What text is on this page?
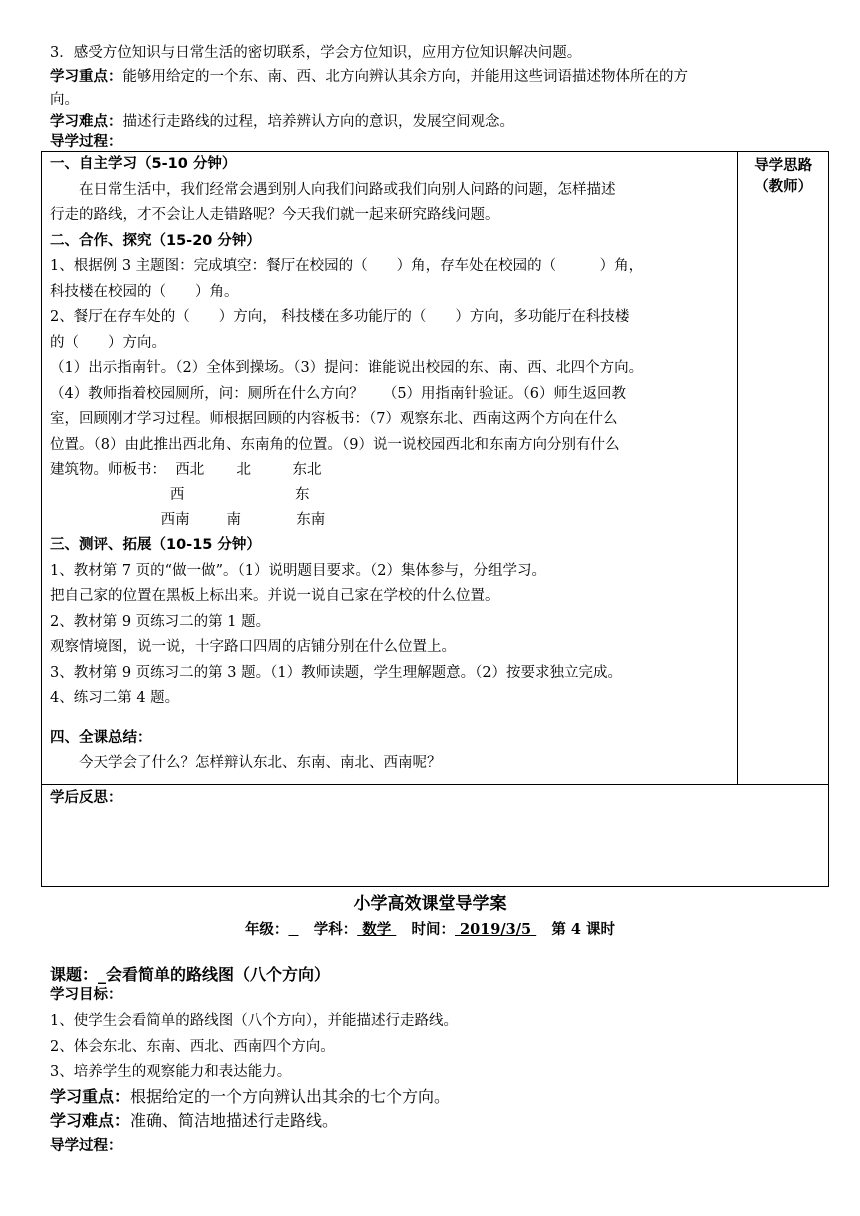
3．感受方位知识与日常生活的密切联系，学会方位知识，应用方位知识解决问题。
学习重点：能够用给定的一个东、南、西、北方向辨认其余方向，并能用这些词语描述物体所在的方
向。
学习难点：描述行走路线的过程，培养辨认方向的意识，发展空间观念。
导学过程：
一、自主学习（5-10 分钟）
在日常生活中，我们经常会遇到别人向我们问路或我们向别人问路的问题，怎样描述
行走的路线，才不会让人走错路呢？今天我们就一起来研究路线问题。
二、合作、探究（15-20 分钟）
1、根据例 3 主题图：完成填空：餐厅在校园的（　　）角，存车处在校园的（　　　）角，
科技楼在校园的（　　）角。
2、餐厅在存车处的（　　）方向， 科技楼在多功能厅的（　　）方向，多功能厅在科技楼
的（　　）方向。
（1）出示指南针。（2）全体到操场。（3）提问：谁能说出校园的东、南、西、北四个方向。
（4）教师指着校园厕所，问：厕所在什么方向？　 （5）用指南针验证。（6）师生返回教
室，回顾刚才学习过程。师根据回顾的内容板书：（7）观察东北、西南这两个方向在什么
位置。（8）由此推出西北角、东南角的位置。（9）说一说校园西北和东南方向分别有什么
建筑物。师板书：  西北       北         东北
西                        东
西南        南            东南
三、测评、拓展（10-15 分钟）
1、教材第 7 页的“做一做”。（1）说明题目要求。（2）集体参与，分组学习。
把自己家的位置在黑板上标出来。并说一说自己家在学校的什么位置。
2、教材第 9 页练习二的第 1 题。
观察情境图，说一说，十字路口四周的店铺分别在什么位置上。
3、教材第 9 页练习二的第 3 题。（1）教师读题，学生理解题意。（2）按要求独立完成。
4、练习二第 4 题。
四、全课总结：
今天学会了什么？怎样辩认东北、东南、南北、西南呢？

导学思路
（教师）

学后反思：
小学高效课堂导学案
年级： 学科： 数学    时间： 2019/3/5    第 4 课时
课题：_会看简单的路线图（八个方向）
学习目标：
1、使学生会看简单的路线图（八个方向），并能描述行走路线。
2、体会东北、东南、西北、西南四个方向。
3、培养学生的观察能力和表达能力。
学习重点：根据给定的一个方向辨认出其余的七个方向。
学习难点：准确、简洁地描述行走路线。
导学过程：
